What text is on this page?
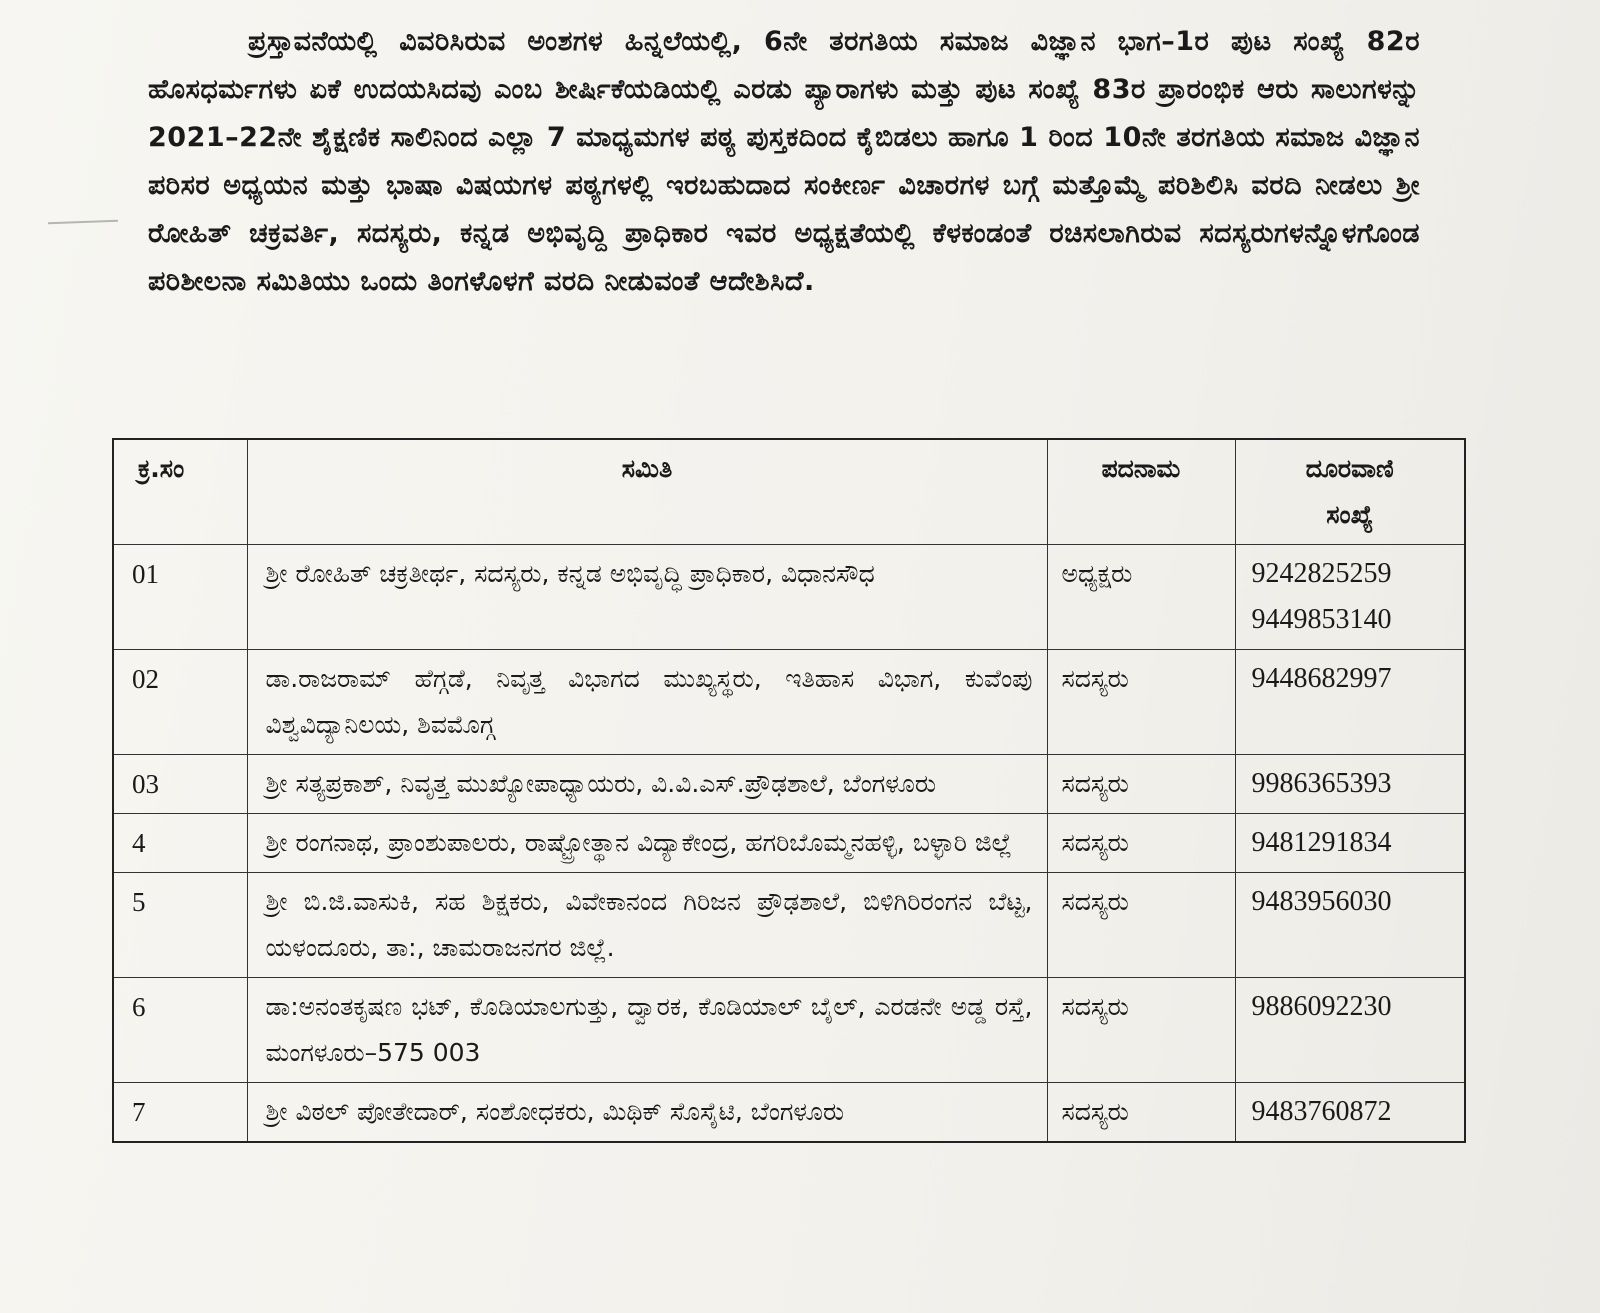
ಪ್ರಸ್ತಾವನೆಯಲ್ಲಿ ವಿವರಿಸಿರುವ ಅಂಶಗಳ ಹಿನ್ನಲೆಯಲ್ಲಿ, 6ನೇ ತರಗತಿಯ ಸಮಾಜ ವಿಜ್ಞಾನ ಭಾಗ–1ರ ಪುಟ ಸಂಖ್ಯೆ 82ರ ಹೊಸಧರ್ಮಗಳು ಏಕೆ ಉದಯಸಿದವು ಎಂಬ ಶೀರ್ಷಿಕೆಯಡಿಯಲ್ಲಿ ಎರಡು ಪ್ಯಾರಾಗಳು ಮತ್ತು ಪುಟ ಸಂಖ್ಯೆ 83ರ ಪ್ರಾರಂಭಿಕ ಆರು ಸಾಲುಗಳನ್ನು 2021–22ನೇ ಶೈಕ್ಷಣಿಕ ಸಾಲಿನಿಂದ ಎಲ್ಲಾ 7 ಮಾಧ್ಯಮಗಳ ಪಠ್ಯ ಪುಸ್ತಕದಿಂದ ಕೈಬಿಡಲು ಹಾಗೂ 1 ರಿಂದ 10ನೇ ತರಗತಿಯ ಸಮಾಜ ವಿಜ್ಞಾನ ಪರಿಸರ ಅಧ್ಯಯನ ಮತ್ತು ಭಾಷಾ ವಿಷಯಗಳ ಪಠ್ಯಗಳಲ್ಲಿ ಇರಬಹುದಾದ ಸಂಕೀರ್ಣ ವಿಚಾರಗಳ ಬಗ್ಗೆ ಮತ್ತೊಮ್ಮೆ ಪರಿಶಿಲಿಸಿ ವರದಿ ನೀಡಲು ಶ್ರೀ ರೋಹಿತ್ ಚಕ್ರವರ್ತಿ, ಸದಸ್ಯರು, ಕನ್ನಡ ಅಭಿವೃದ್ದಿ ಪ್ರಾಧಿಕಾರ ಇವರ ಅಧ್ಯಕ್ಷತೆಯಲ್ಲಿ ಕೆಳಕಂಡಂತೆ ರಚಿಸಲಾಗಿರುವ ಸದಸ್ಯರುಗಳನ್ನೊಳಗೊಂಡ ಪರಿಶೀಲನಾ ಸಮಿತಿಯು ಒಂದು ತಿಂಗಳೊಳಗೆ ವರದಿ ನೀಡುವಂತೆ ಆದೇಶಿಸಿದೆ.

ಕ್ರ.ಸಂ	ಸಮಿತಿ	ಪದನಾಮ	ದೂರವಾಣಿ
ಸಂಖ್ಯೆ

01	ಶ್ರೀ ರೋಹಿತ್ ಚಕ್ರತೀರ್ಥ, ಸದಸ್ಯರು, ಕನ್ನಡ ಅಭಿವೃದ್ಧಿ ಪ್ರಾಧಿಕಾರ, ವಿಧಾನಸೌಧ	ಅಧ್ಯಕ್ಷರು	9242825259
9449853140

02	ಡಾ.ರಾಜರಾಮ್ ಹೆಗ್ಗಡೆ, ನಿವೃತ್ತ ವಿಭಾಗದ ಮುಖ್ಯಸ್ಥರು, ಇತಿಹಾಸ ವಿಭಾಗ, ಕುವೆಂಪು ವಿಶ್ವವಿದ್ಯಾನಿಲಯ, ಶಿವಮೊಗ್ಗ	ಸದಸ್ಯರು	9448682997

03	ಶ್ರೀ ಸತ್ಯಪ್ರಕಾಶ್, ನಿವೃತ್ತ ಮುಖ್ಯೋಪಾಧ್ಯಾಯರು, ವಿ.ವಿ.ಎಸ್.ಪ್ರೌಢಶಾಲೆ, ಬೆಂಗಳೂರು	ಸದಸ್ಯರು	9986365393

4	ಶ್ರೀ ರಂಗನಾಥ, ಪ್ರಾಂಶುಪಾಲರು, ರಾಷ್ಟ್ರೋತ್ಥಾನ ವಿದ್ಯಾಕೇಂದ್ರ, ಹಗರಿಬೊಮ್ಮನಹಳ್ಳಿ, ಬಳ್ಳಾರಿ ಜಿಲ್ಲೆ	ಸದಸ್ಯರು	9481291834

5	ಶ್ರೀ ಬಿ.ಜಿ.ವಾಸುಕಿ, ಸಹ ಶಿಕ್ಷಕರು, ವಿವೇಕಾನಂದ ಗಿರಿಜನ ಪ್ರೌಢಶಾಲೆ, ಬಿಳಿಗಿರಿರಂಗನ ಬೆಟ್ಟ, ಯಳಂದೂರು, ತಾ:, ಚಾಮರಾಜನಗರ ಜಿಲ್ಲೆ.	ಸದಸ್ಯರು	9483956030

6	ಡಾ:ಅನಂತಕೃಷಣ ಭಟ್, ಕೊಡಿಯಾಲಗುತ್ತು, ದ್ವಾರಕ, ಕೊಡಿಯಾಲ್ ಬೈಲ್, ಎರಡನೇ ಅಡ್ಡ ರಸ್ತೆ, ಮಂಗಳೂರು–575 003	ಸದಸ್ಯರು	9886092230

7	ಶ್ರೀ ವಿಠಲ್ ಪೋತೇದಾರ್, ಸಂಶೋಧಕರು, ಮಿಥಿಕ್ ಸೊಸೈಟಿ, ಬೆಂಗಳೂರು	ಸದಸ್ಯರು	9483760872
